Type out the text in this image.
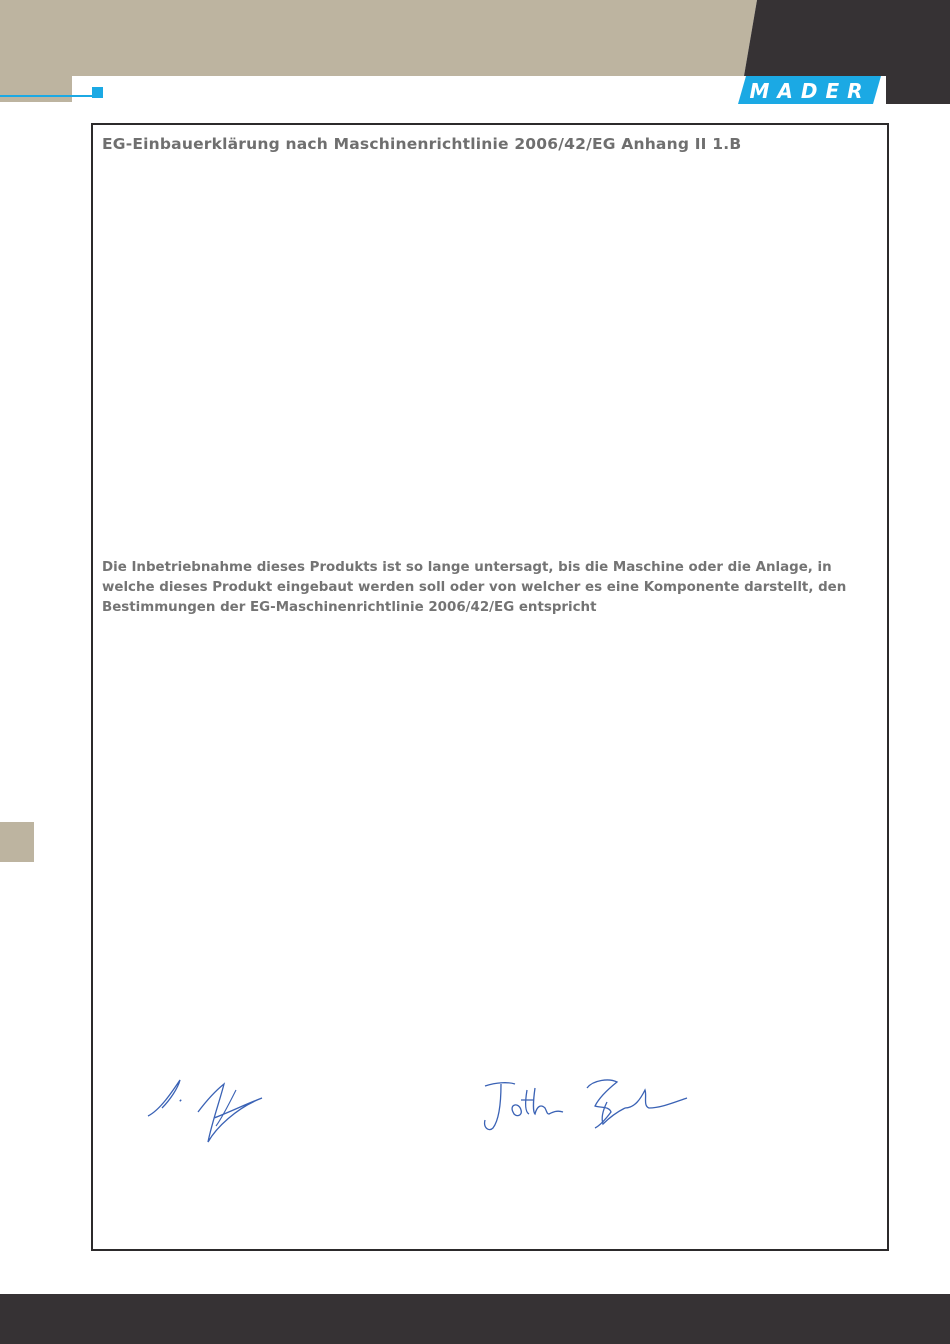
MADER
EG-Einbauerklärung nach Maschinenrichtlinie 2006/42/EG Anhang II 1.B

Die Inbetriebnahme dieses Produkts ist so lange untersagt, bis die Maschine oder die Anlage, in
welche dieses Produkt eingebaut werden soll oder von welcher es eine Komponente darstellt, den
Bestimmungen der EG-Maschinenrichtlinie 2006/42/EG entspricht
